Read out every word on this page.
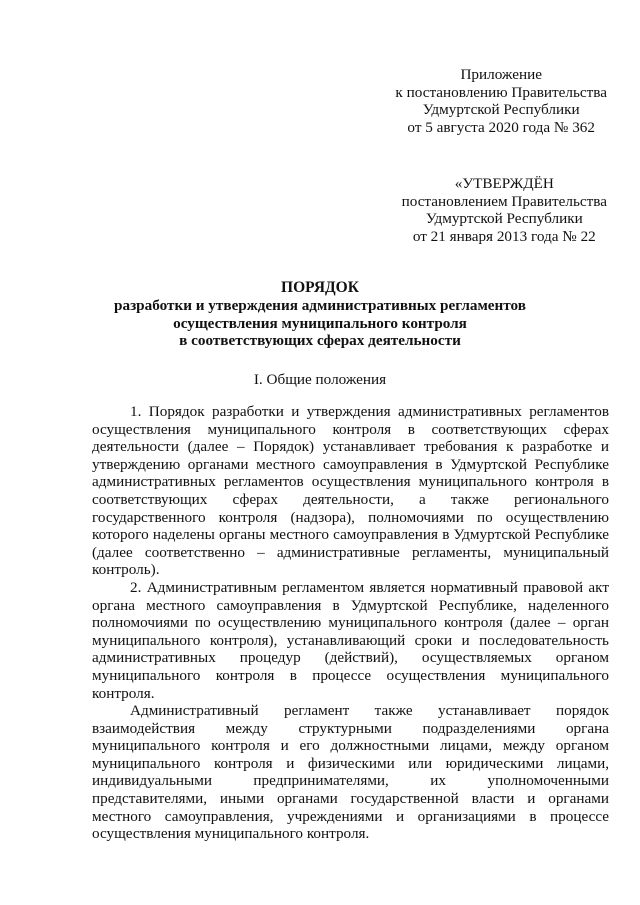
Приложение
к постановлению Правительства
Удмуртской Республики
от 5 августа 2020 года № 362
«УТВЕРЖДЁН
постановлением Правительства
Удмуртской Республики
от 21 января 2013 года № 22
ПОРЯДОК
разработки и утверждения административных регламентов
осуществления муниципального контроля
в соответствующих сферах деятельности
I. Общие положения

1. Порядок разработки и утверждения административных регламентов осуществления муниципального контроля в соответствующих сферах деятельности (далее – Порядок) устанавливает требования к разработке и утверждению органами местного самоуправления в Удмуртской Республике административных регламентов осуществления муниципального контроля в соответствующих сферах деятельности, а также регионального государственного контроля (надзора), полномочиями по осуществлению которого наделены органы местного самоуправления в Удмуртской Республике (далее соответственно – административные регламенты, муниципальный контроль).

2. Административным регламентом является нормативный правовой акт органа местного самоуправления в Удмуртской Республике, наделенного полномочиями по осуществлению муниципального контроля (далее – орган муниципального контроля), устанавливающий сроки и последовательность административных процедур (действий), осуществляемых органом муниципального контроля в процессе осуществления муниципального контроля.

Административный регламент также устанавливает порядок взаимодействия между структурными подразделениями органа муниципального контроля и его должностными лицами, между органом муниципального контроля и физическими или юридическими лицами, индивидуальными предпринимателями, их уполномоченными представителями, иными органами государственной власти и органами местного самоуправления, учреждениями и организациями в процессе осуществления муниципального контроля.
